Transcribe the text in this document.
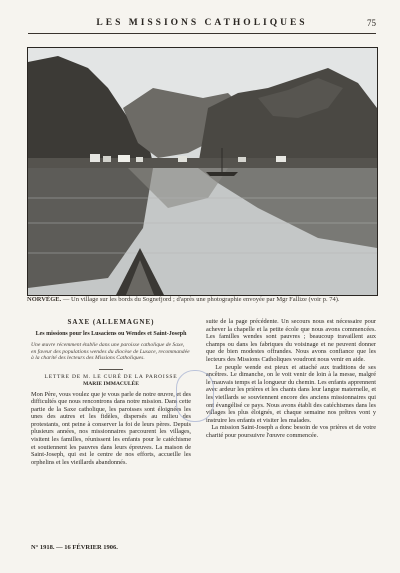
LES MISSIONS CATHOLIQUES	75
NORVÈGE. — Un village sur les bords du Sognefjord ; d'après une photographie envoyée par Mgr Fallize (voir p. 74).
SAXE (ALLEMAGNE)
Les missions pour les Lusaciens ou Wendes et Saint-Joseph
Une œuvre récemment établie dans une paroisse catholique de Saxe, en faveur des populations wendes du diocèse de Lusace, recommandée à la charité des lecteurs des Missions Catholiques.
LETTRE DE M. LE CURÉ DE LA PAROISSE
MARIE IMMACULÉE
Mon Père, vous voulez que je vous parle de notre œuvre, et des difficultés que nous rencontrons dans notre mission. Dans cette partie de la Saxe catholique, les paroisses sont éloignées les unes des autres et les fidèles, dispersés au milieu des protestants, ont peine à conserver la foi de leurs pères. Depuis plusieurs années, nos missionnaires parcourent les villages, visitent les familles, réunissent les enfants pour le catéchisme et soutiennent les pauvres dans leurs épreuves. La maison de Saint-Joseph, qui est le centre de nos efforts, accueille les orphelins et les vieillards abandonnés.
suite de la page précédente. Un secours nous est nécessaire pour achever la chapelle et la petite école que nous avons commencées. Les familles wendes sont pauvres ; beaucoup travaillent aux champs ou dans les fabriques du voisinage et ne peuvent donner que de bien modestes offrandes. Nous avons confiance que les lecteurs des Missions Catholiques voudront nous venir en aide.
Le peuple wende est pieux et attaché aux traditions de ses ancêtres. Le dimanche, on le voit venir de loin à la messe, malgré le mauvais temps et la longueur du chemin. Les enfants apprennent avec ardeur les prières et les chants dans leur langue maternelle, et les vieillards se souviennent encore des anciens missionnaires qui ont évangélisé ce pays. Nous avons établi des catéchismes dans les villages les plus éloignés, et chaque semaine nos prêtres vont y instruire les enfants et visiter les malades.
La mission Saint-Joseph a donc besoin de vos prières et de votre charité pour poursuivre l'œuvre commencée.
N° 1918. — 16 FÉVRIER 1906.
